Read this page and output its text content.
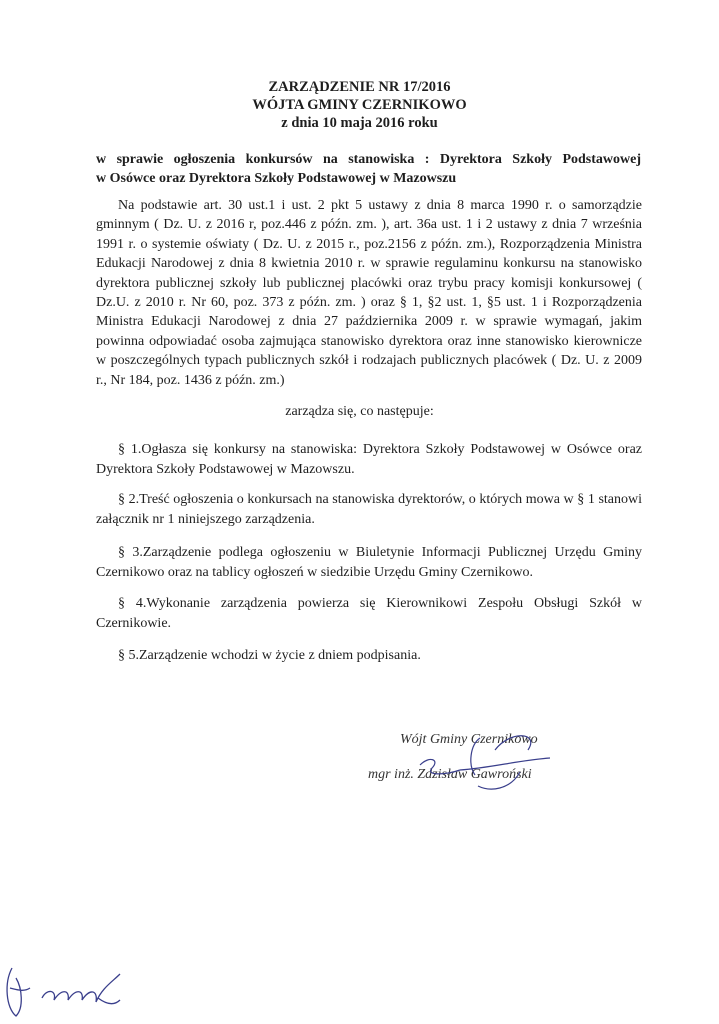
ZARZĄDZENIE NR 17/2016
WÓJTA GMINY CZERNIKOWO
z dnia 10 maja 2016 roku
w sprawie ogłoszenia konkursów na stanowiska : Dyrektora Szkoły Podstawowej
w Osówce oraz Dyrektora Szkoły Podstawowej w Mazowszu
Na podstawie art. 30 ust.1 i ust. 2 pkt 5 ustawy z dnia 8 marca 1990 r. o samorządzie gminnym ( Dz. U. z 2016 r, poz.446 z późn. zm. ), art. 36a ust. 1 i 2 ustawy z dnia 7 września 1991 r. o systemie oświaty ( Dz. U. z 2015 r., poz.2156 z późn. zm.), Rozporządzenia Ministra Edukacji Narodowej z dnia 8 kwietnia 2010 r. w sprawie regulaminu konkursu na stanowisko dyrektora publicznej szkoły lub publicznej placówki oraz trybu pracy komisji konkursowej ( Dz.U. z 2010 r. Nr 60, poz. 373 z późn. zm. ) oraz § 1, §2 ust. 1, §5 ust. 1 i Rozporządzenia Ministra Edukacji Narodowej z dnia 27 października 2009 r. w sprawie wymagań, jakim powinna odpowiadać osoba zajmująca stanowisko dyrektora oraz inne stanowisko kierownicze w poszczególnych typach publicznych szkół i rodzajach publicznych placówek ( Dz. U. z 2009 r., Nr 184, poz. 1436 z późn. zm.)
zarządza się, co następuje:
§ 1.Ogłasza się konkursy na stanowiska: Dyrektora Szkoły Podstawowej w Osówce oraz Dyrektora Szkoły Podstawowej w Mazowszu.
§ 2.Treść ogłoszenia o konkursach na stanowiska dyrektorów, o których mowa w § 1 stanowi załącznik nr 1 niniejszego zarządzenia.
§ 3.Zarządzenie podlega ogłoszeniu w Biuletynie Informacji Publicznej Urzędu Gminy Czernikowo oraz na tablicy ogłoszeń w siedzibie Urzędu Gminy Czernikowo.
§ 4.Wykonanie zarządzenia powierza się Kierownikowi Zespołu Obsługi Szkół w Czernikowie.
§ 5.Zarządzenie wchodzi w życie z dniem podpisania.
Wójt Gminy Czernikowo
mgr inż. Zdzisław Gawroński
